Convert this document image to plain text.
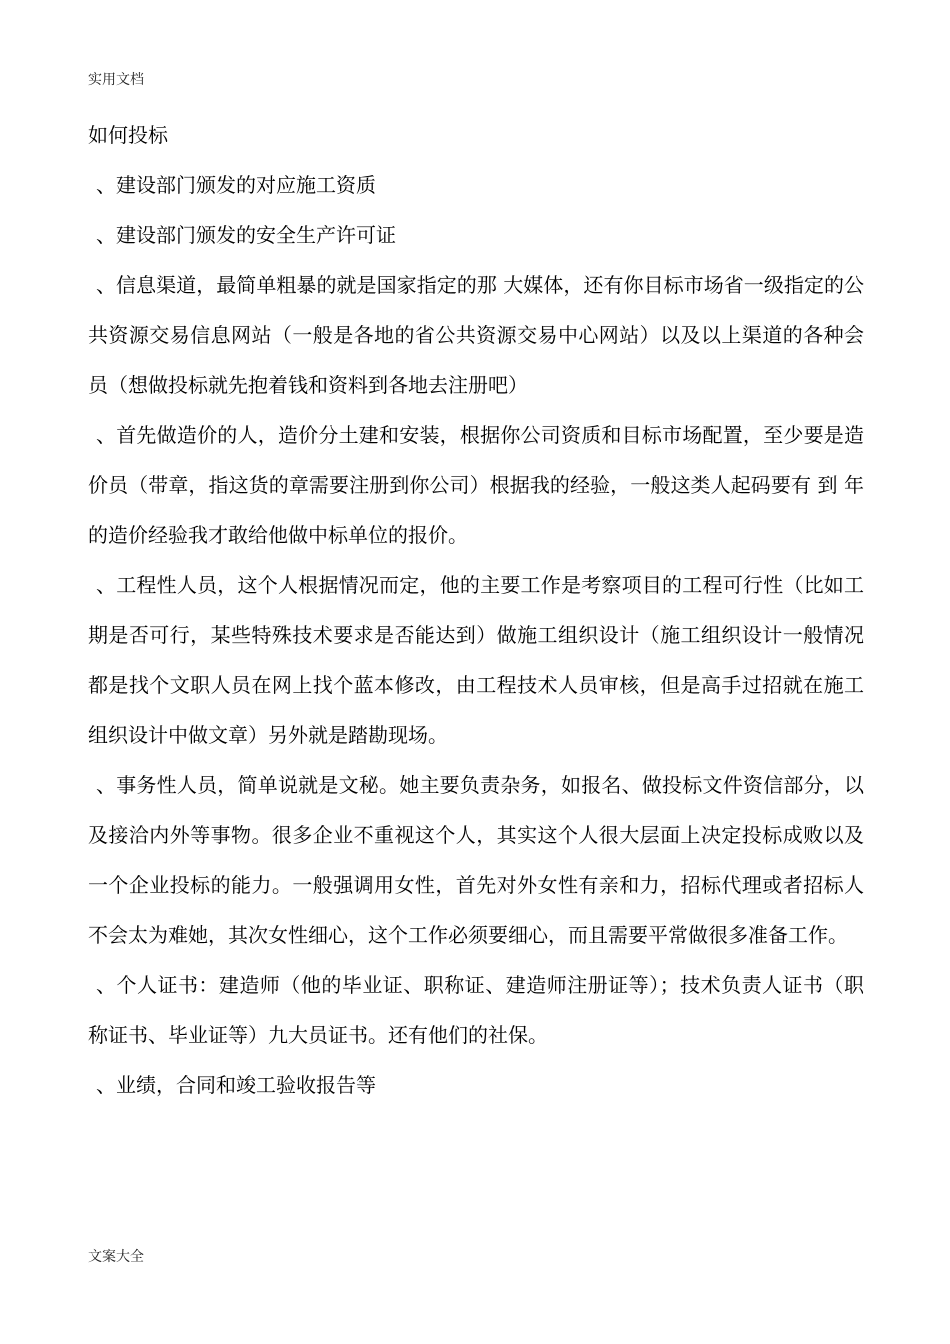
实用文档

如何投标

、建设部门颁发的对应施工资质

、建设部门颁发的安全生产许可证

、信息渠道，最简单粗暴的就是国家指定的那 大媒体，还有你目标市场省一级指定的公共资源交易信息网站（一般是各地的省公共资源交易中心网站）以及以上渠道的各种会员（想做投标就先抱着钱和资料到各地去注册吧）

、首先做造价的人，造价分土建和安装，根据你公司资质和目标市场配置，至少要是造价员（带章，指这货的章需要注册到你公司）根据我的经验，一般这类人起码要有 到 年的造价经验我才敢给他做中标单位的报价。

、工程性人员，这个人根据情况而定，他的主要工作是考察项目的工程可行性（比如工期是否可行，某些特殊技术要求是否能达到）做施工组织设计（施工组织设计一般情况都是找个文职人员在网上找个蓝本修改，由工程技术人员审核，但是高手过招就在施工组织设计中做文章）另外就是踏勘现场。

、事务性人员，简单说就是文秘。她主要负责杂务，如报名、做投标文件资信部分，以及接洽内外等事物。很多企业不重视这个人，其实这个人很大层面上决定投标成败以及一个企业投标的能力。一般强调用女性，首先对外女性有亲和力，招标代理或者招标人不会太为难她，其次女性细心，这个工作必须要细心，而且需要平常做很多准备工作。

、个人证书：建造师（他的毕业证、职称证、建造师注册证等）；技术负责人证书（职称证书、毕业证等）九大员证书。还有他们的社保。

、业绩，合同和竣工验收报告等

文案大全
